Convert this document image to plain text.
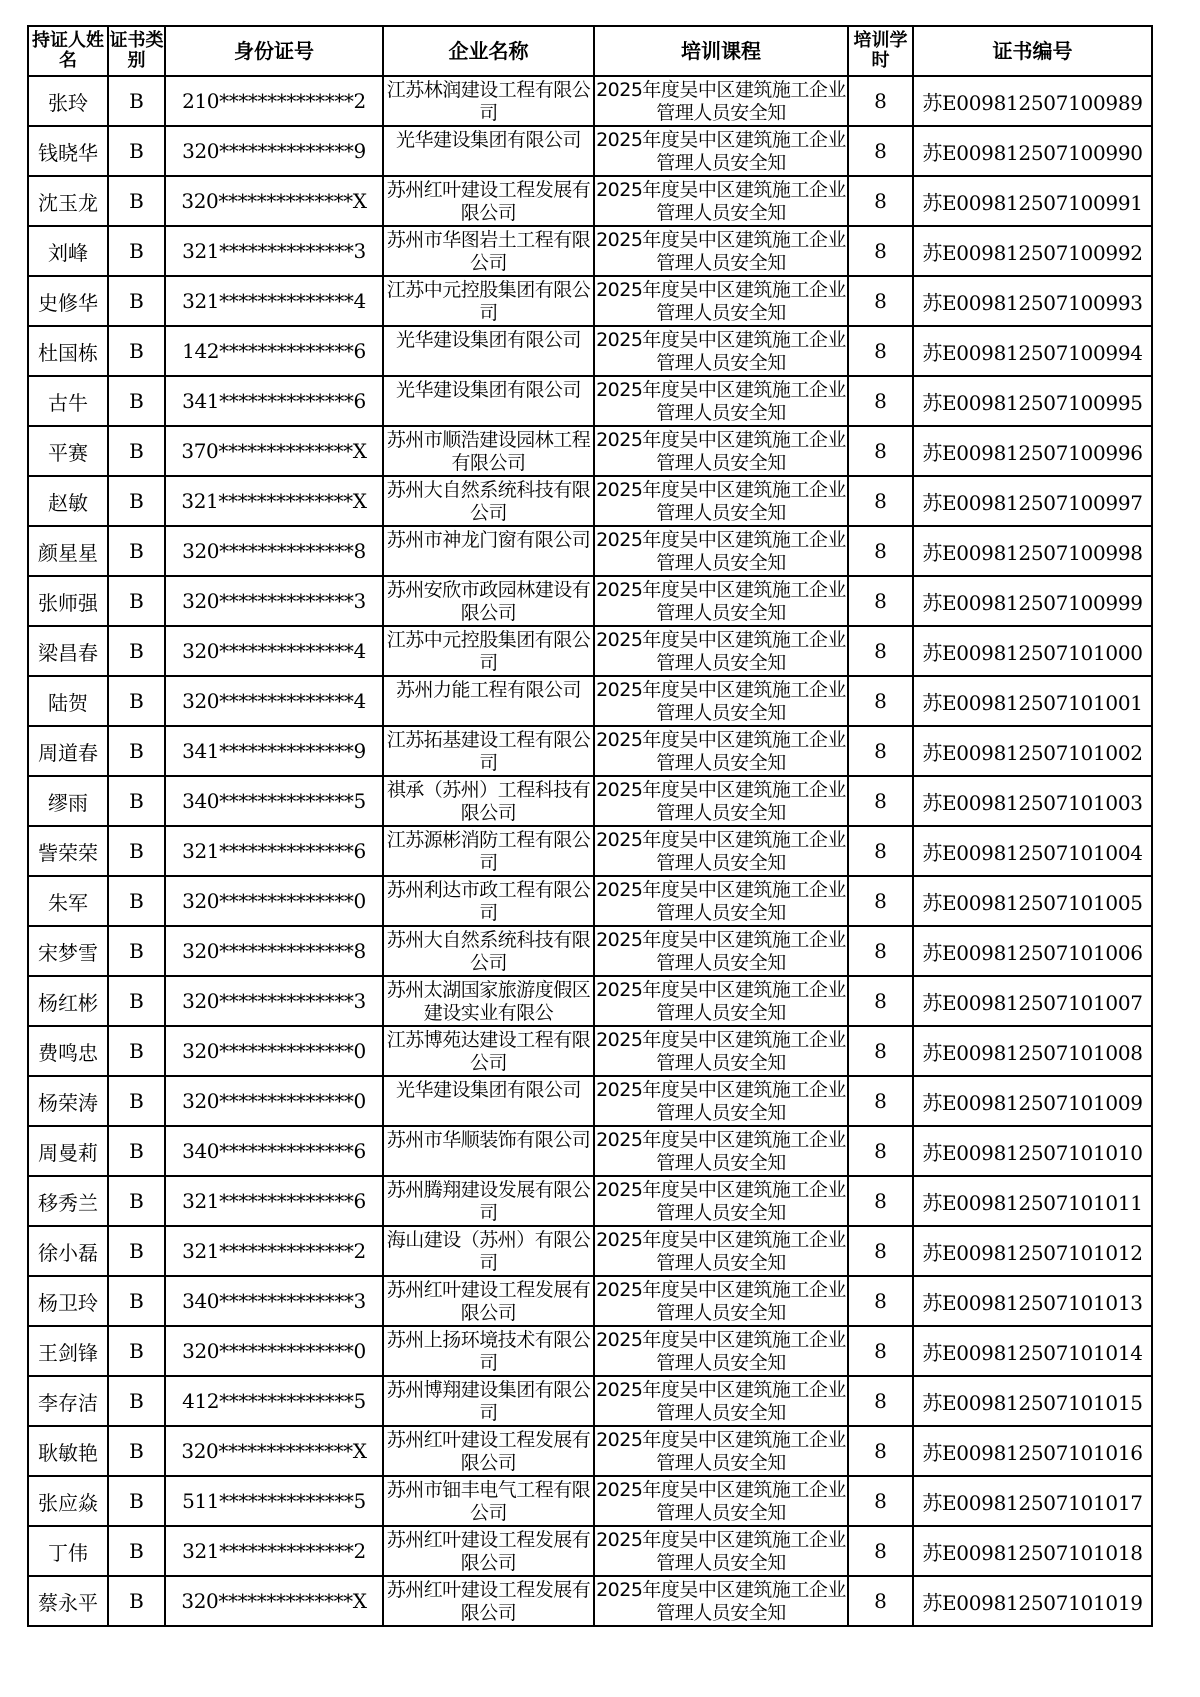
持证人姓名	证书类别	身份证号	企业名称	培训课程	培训学时	证书编号
张玲	B	210**************2	江苏林润建设工程有限公司	2025年度吴中区建筑施工企业管理人员安全知	8	苏E009812507100989
钱晓华	B	320**************9	光华建设集团有限公司	2025年度吴中区建筑施工企业管理人员安全知	8	苏E009812507100990
沈玉龙	B	320**************X	苏州红叶建设工程发展有限公司	2025年度吴中区建筑施工企业管理人员安全知	8	苏E009812507100991
刘峰	B	321**************3	苏州市华图岩土工程有限公司	2025年度吴中区建筑施工企业管理人员安全知	8	苏E009812507100992
史修华	B	321**************4	江苏中元控股集团有限公司	2025年度吴中区建筑施工企业管理人员安全知	8	苏E009812507100993
杜国栋	B	142**************6	光华建设集团有限公司	2025年度吴中区建筑施工企业管理人员安全知	8	苏E009812507100994
古牛	B	341**************6	光华建设集团有限公司	2025年度吴中区建筑施工企业管理人员安全知	8	苏E009812507100995
平赛	B	370**************X	苏州市顺浩建设园林工程有限公司	2025年度吴中区建筑施工企业管理人员安全知	8	苏E009812507100996
赵敏	B	321**************X	苏州大自然系统科技有限公司	2025年度吴中区建筑施工企业管理人员安全知	8	苏E009812507100997
颜星星	B	320**************8	苏州市神龙门窗有限公司	2025年度吴中区建筑施工企业管理人员安全知	8	苏E009812507100998
张师强	B	320**************3	苏州安欣市政园林建设有限公司	2025年度吴中区建筑施工企业管理人员安全知	8	苏E009812507100999
梁昌春	B	320**************4	江苏中元控股集团有限公司	2025年度吴中区建筑施工企业管理人员安全知	8	苏E009812507101000
陆贺	B	320**************4	苏州力能工程有限公司	2025年度吴中区建筑施工企业管理人员安全知	8	苏E009812507101001
周道春	B	341**************9	江苏拓基建设工程有限公司	2025年度吴中区建筑施工企业管理人员安全知	8	苏E009812507101002
缪雨	B	340**************5	祺承（苏州）工程科技有限公司	2025年度吴中区建筑施工企业管理人员安全知	8	苏E009812507101003
訾荣荣	B	321**************6	江苏源彬消防工程有限公司	2025年度吴中区建筑施工企业管理人员安全知	8	苏E009812507101004
朱军	B	320**************0	苏州利达市政工程有限公司	2025年度吴中区建筑施工企业管理人员安全知	8	苏E009812507101005
宋梦雪	B	320**************8	苏州大自然系统科技有限公司	2025年度吴中区建筑施工企业管理人员安全知	8	苏E009812507101006
杨红彬	B	320**************3	苏州太湖国家旅游度假区建设实业有限公	2025年度吴中区建筑施工企业管理人员安全知	8	苏E009812507101007
费鸣忠	B	320**************0	江苏博苑达建设工程有限公司	2025年度吴中区建筑施工企业管理人员安全知	8	苏E009812507101008
杨荣涛	B	320**************0	光华建设集团有限公司	2025年度吴中区建筑施工企业管理人员安全知	8	苏E009812507101009
周曼莉	B	340**************6	苏州市华顺装饰有限公司	2025年度吴中区建筑施工企业管理人员安全知	8	苏E009812507101010
移秀兰	B	321**************6	苏州腾翔建设发展有限公司	2025年度吴中区建筑施工企业管理人员安全知	8	苏E009812507101011
徐小磊	B	321**************2	海山建设（苏州）有限公司	2025年度吴中区建筑施工企业管理人员安全知	8	苏E009812507101012
杨卫玲	B	340**************3	苏州红叶建设工程发展有限公司	2025年度吴中区建筑施工企业管理人员安全知	8	苏E009812507101013
王剑锋	B	320**************0	苏州上扬环境技术有限公司	2025年度吴中区建筑施工企业管理人员安全知	8	苏E009812507101014
李存洁	B	412**************5	苏州博翔建设集团有限公司	2025年度吴中区建筑施工企业管理人员安全知	8	苏E009812507101015
耿敏艳	B	320**************X	苏州红叶建设工程发展有限公司	2025年度吴中区建筑施工企业管理人员安全知	8	苏E009812507101016
张应焱	B	511**************5	苏州市钿丰电气工程有限公司	2025年度吴中区建筑施工企业管理人员安全知	8	苏E009812507101017
丁伟	B	321**************2	苏州红叶建设工程发展有限公司	2025年度吴中区建筑施工企业管理人员安全知	8	苏E009812507101018
蔡永平	B	320**************X	苏州红叶建设工程发展有限公司	2025年度吴中区建筑施工企业管理人员安全知	8	苏E009812507101019
